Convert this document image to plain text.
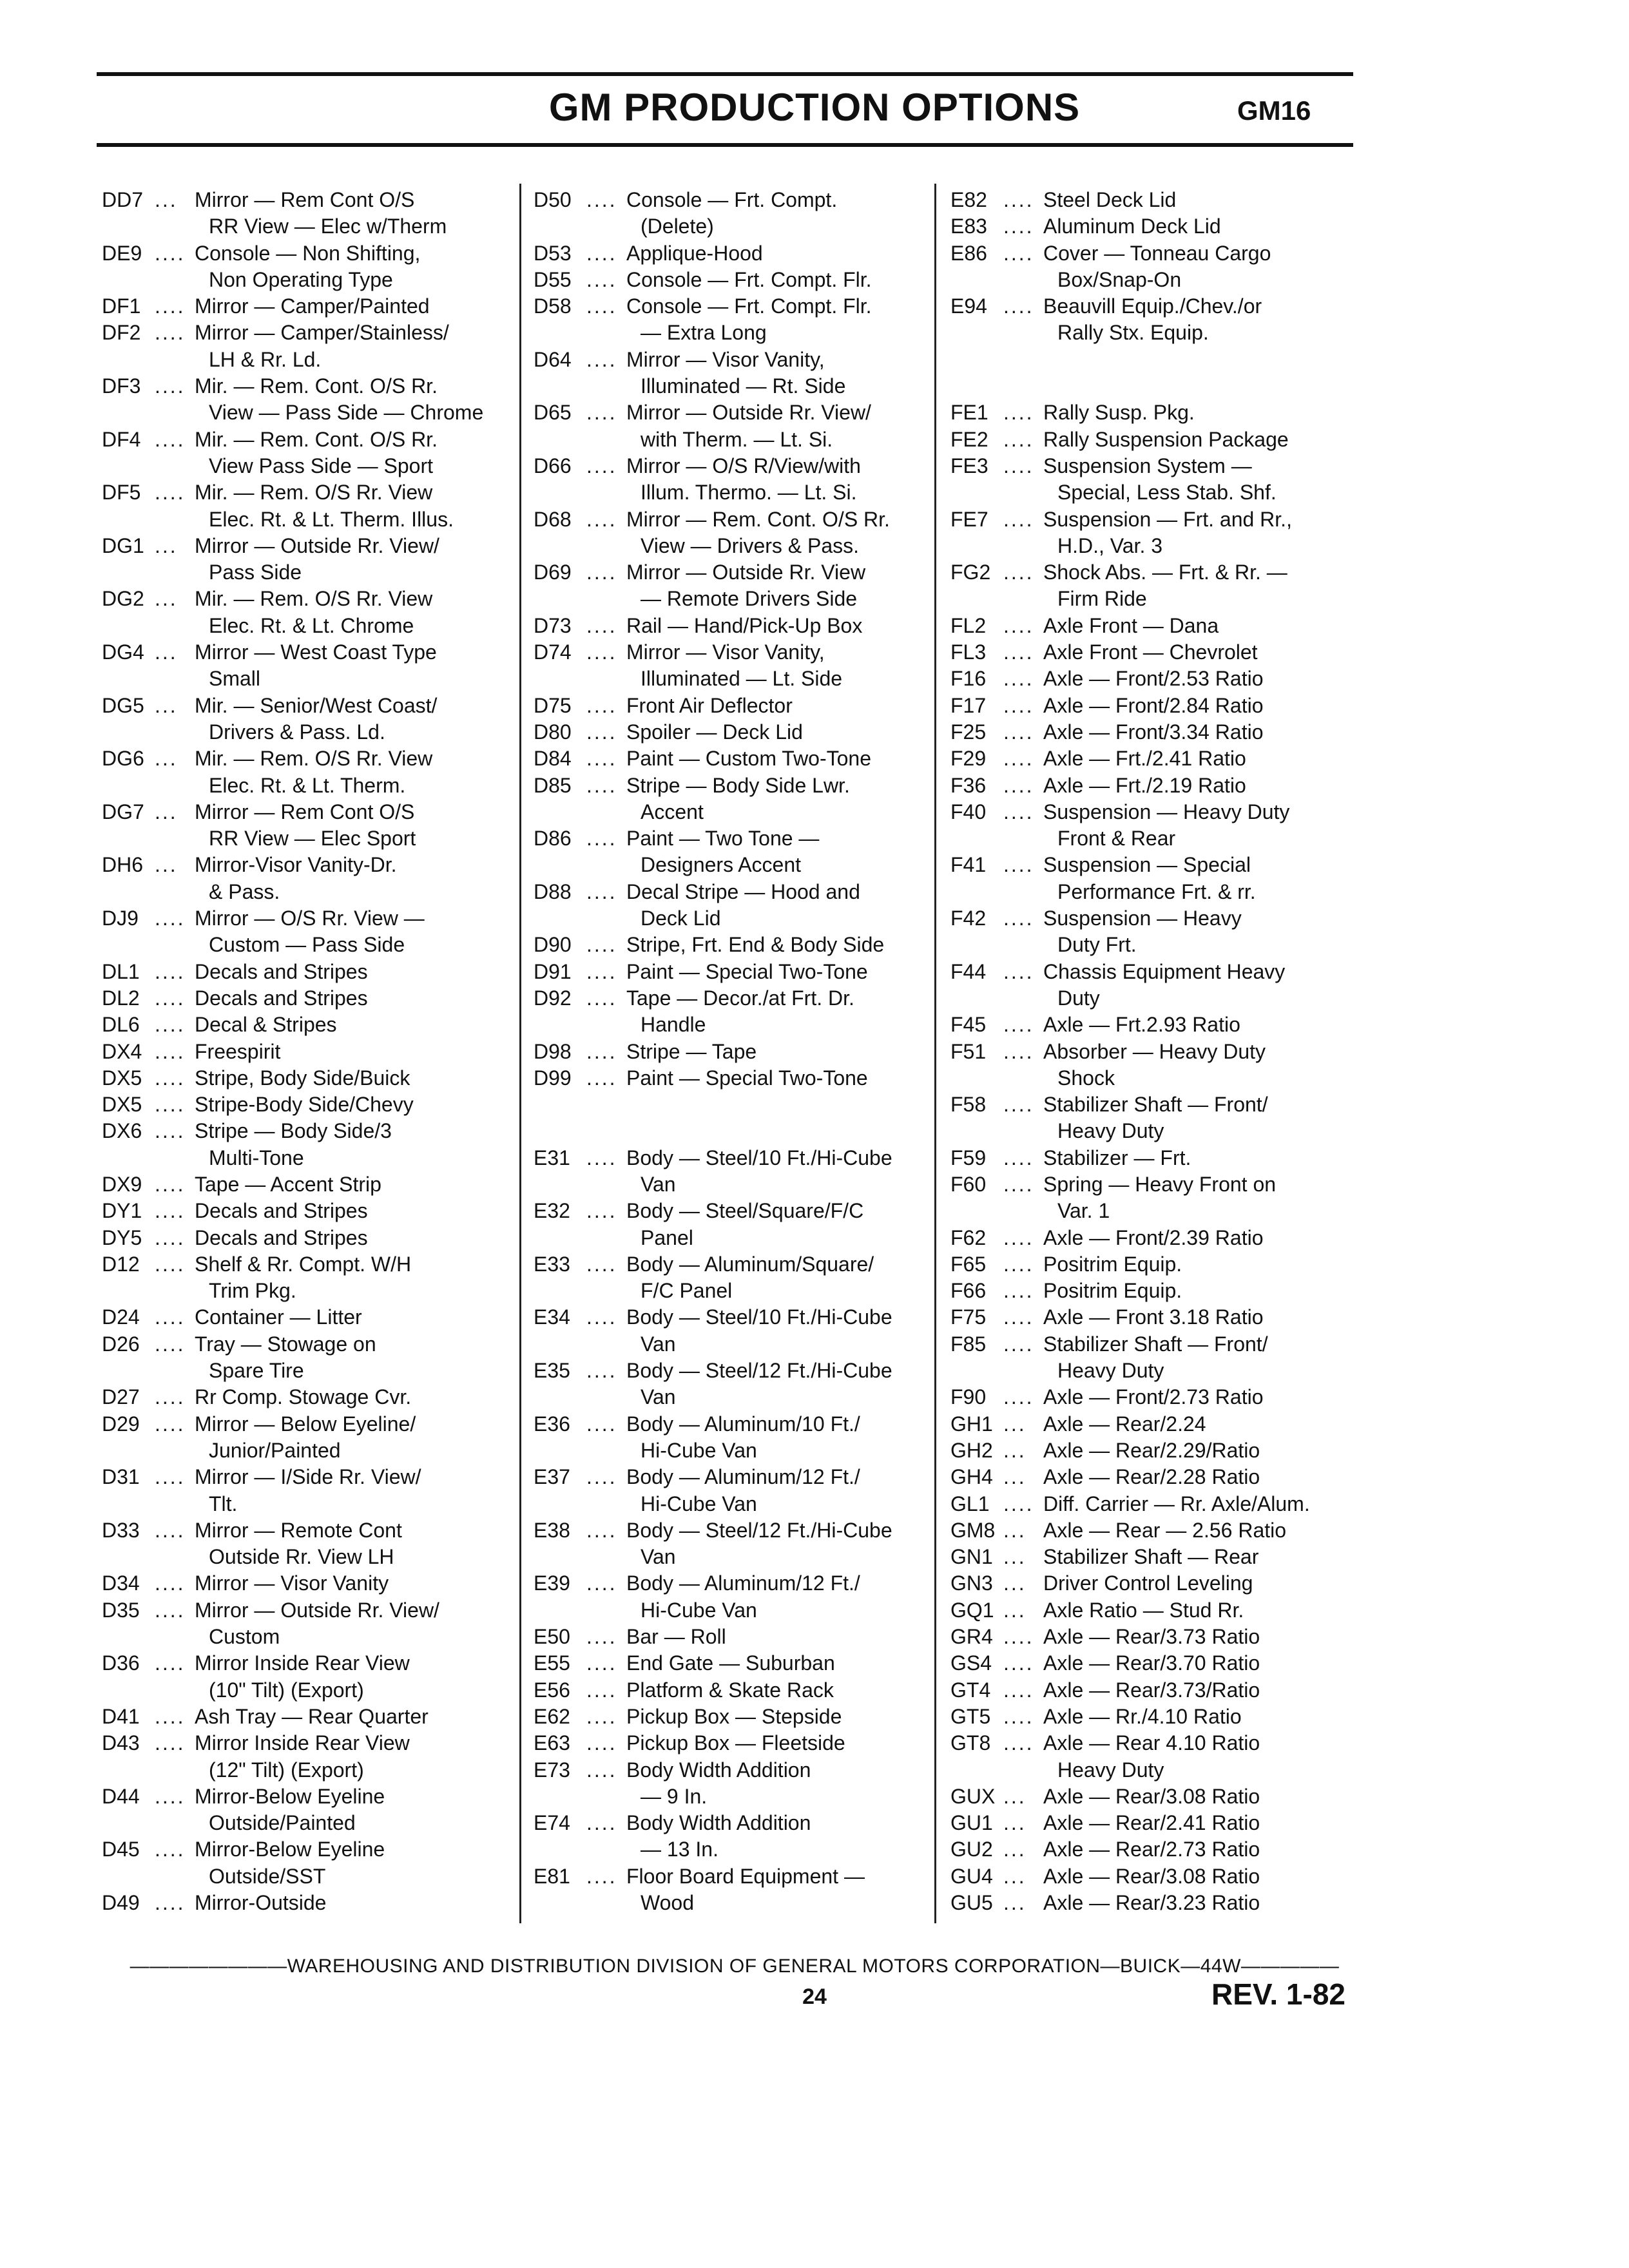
GM PRODUCTION OPTIONS	GM16
DD7 ... Mirror — Rem Cont O/S
RR View — Elec w/Therm
DE9 .... Console — Non Shifting,
Non Operating Type
DF1 .... Mirror — Camper/Painted
DF2 .... Mirror — Camper/Stainless/
LH & Rr. Ld.
DF3 .... Mir. — Rem. Cont. O/S Rr.
View — Pass Side — Chrome
DF4 .... Mir. — Rem. Cont. O/S Rr.
View Pass Side — Sport
DF5 .... Mir. — Rem. O/S Rr. View
Elec. Rt. & Lt. Therm. Illus.
DG1 ... Mirror — Outside Rr. View/
Pass Side
DG2 ... Mir. — Rem. O/S Rr. View
Elec. Rt. & Lt. Chrome
DG4 ... Mirror — West Coast Type
Small
DG5 ... Mir. — Senior/West Coast/
Drivers & Pass. Ld.
DG6 ... Mir. — Rem. O/S Rr. View
Elec. Rt. & Lt. Therm.
DG7 ... Mirror — Rem Cont O/S
RR View — Elec Sport
DH6 ... Mirror-Visor Vanity-Dr.
& Pass.
DJ9 .... Mirror — O/S Rr. View —
Custom — Pass Side
DL1 .... Decals and Stripes
DL2 .... Decals and Stripes
DL6 .... Decal & Stripes
DX4 .... Freespirit
DX5 .... Stripe, Body Side/Buick
DX5 .... Stripe-Body Side/Chevy
DX6 .... Stripe — Body Side/3
Multi-Tone
DX9 .... Tape — Accent Strip
DY1 .... Decals and Stripes
DY5 .... Decals and Stripes
D12 .... Shelf & Rr. Compt. W/H
Trim Pkg.
D24 .... Container — Litter
D26 .... Tray — Stowage on
Spare Tire
D27 .... Rr Comp. Stowage Cvr.
D29 .... Mirror — Below Eyeline/
Junior/Painted
D31 .... Mirror — I/Side Rr. View/
Tlt.
D33 .... Mirror — Remote Cont
Outside Rr. View LH
D34 .... Mirror — Visor Vanity
D35 .... Mirror — Outside Rr. View/
Custom
D36 .... Mirror Inside Rear View
(10" Tilt) (Export)
D41 .... Ash Tray — Rear Quarter
D43 .... Mirror Inside Rear View
(12" Tilt) (Export)
D44 .... Mirror-Below Eyeline
Outside/Painted
D45 .... Mirror-Below Eyeline
Outside/SST
D49 .... Mirror-Outside
D50 .... Console — Frt. Compt.
(Delete)
D53 .... Applique-Hood
D55 .... Console — Frt. Compt. Flr.
D58 .... Console — Frt. Compt. Flr.
— Extra Long
D64 .... Mirror — Visor Vanity,
Illuminated — Rt. Side
D65 .... Mirror — Outside Rr. View/
with Therm. — Lt. Si.
D66 .... Mirror — O/S R/View/with
Illum. Thermo. — Lt. Si.
D68 .... Mirror — Rem. Cont. O/S Rr.
View — Drivers & Pass.
D69 .... Mirror — Outside Rr. View
— Remote Drivers Side
D73 .... Rail — Hand/Pick-Up Box
D74 .... Mirror — Visor Vanity,
Illuminated — Lt. Side
D75 .... Front Air Deflector
D80 .... Spoiler — Deck Lid
D84 .... Paint — Custom Two-Tone
D85 .... Stripe — Body Side Lwr.
Accent
D86 .... Paint — Two Tone —
Designers Accent
D88 .... Decal Stripe — Hood and
Deck Lid
D90 .... Stripe, Frt. End & Body Side
D91 .... Paint — Special Two-Tone
D92 .... Tape — Decor./at Frt. Dr.
Handle
D98 .... Stripe — Tape
D99 .... Paint — Special Two-Tone
E31 .... Body — Steel/10 Ft./Hi-Cube
Van
E32 .... Body — Steel/Square/F/C
Panel
E33 .... Body — Aluminum/Square/
F/C Panel
E34 .... Body — Steel/10 Ft./Hi-Cube
Van
E35 .... Body — Steel/12 Ft./Hi-Cube
Van
E36 .... Body — Aluminum/10 Ft./
Hi-Cube Van
E37 .... Body — Aluminum/12 Ft./
Hi-Cube Van
E38 .... Body — Steel/12 Ft./Hi-Cube
Van
E39 .... Body — Aluminum/12 Ft./
Hi-Cube Van
E50 .... Bar — Roll
E55 .... End Gate — Suburban
E56 .... Platform & Skate Rack
E62 .... Pickup Box — Stepside
E63 .... Pickup Box — Fleetside
E73 .... Body Width Addition
— 9 In.
E74 .... Body Width Addition
— 13 In.
E81 .... Floor Board Equipment —
Wood
E82 .... Steel Deck Lid
E83 .... Aluminum Deck Lid
E86 .... Cover — Tonneau Cargo
Box/Snap-On
E94 .... Beauvill Equip./Chev./or
Rally Stx. Equip.
FE1 .... Rally Susp. Pkg.
FE2 .... Rally Suspension Package
FE3 .... Suspension System —
Special, Less Stab. Shf.
FE7 .... Suspension — Frt. and Rr.,
H.D., Var. 3
FG2 .... Shock Abs. — Frt. & Rr. —
Firm Ride
FL2 .... Axle Front — Dana
FL3 .... Axle Front — Chevrolet
F16 .... Axle — Front/2.53 Ratio
F17 .... Axle — Front/2.84 Ratio
F25 .... Axle — Front/3.34 Ratio
F29 .... Axle — Frt./2.41 Ratio
F36 .... Axle — Frt./2.19 Ratio
F40 .... Suspension — Heavy Duty
Front & Rear
F41 .... Suspension — Special
Performance Frt. & rr.
F42 .... Suspension — Heavy
Duty Frt.
F44 .... Chassis Equipment Heavy
Duty
F45 .... Axle — Frt.2.93 Ratio
F51 .... Absorber — Heavy Duty
Shock
F58 .... Stabilizer Shaft — Front/
Heavy Duty
F59 .... Stabilizer — Frt.
F60 .... Spring — Heavy Front on
Var. 1
F62 .... Axle — Front/2.39 Ratio
F65 .... Positrim Equip.
F66 .... Positrim Equip.
F75 .... Axle — Front 3.18 Ratio
F85 .... Stabilizer Shaft — Front/
Heavy Duty
F90 .... Axle — Front/2.73 Ratio
GH1 ... Axle — Rear/2.24
GH2 ... Axle — Rear/2.29/Ratio
GH4 ... Axle — Rear/2.28 Ratio
GL1 .... Diff. Carrier — Rr. Axle/Alum.
GM8 ... Axle — Rear — 2.56 Ratio
GN1 ... Stabilizer Shaft — Rear
GN3 ... Driver Control Leveling
GQ1 ... Axle Ratio — Stud Rr.
GR4 .... Axle — Rear/3.73 Ratio
GS4 .... Axle — Rear/3.70 Ratio
GT4 .... Axle — Rear/3.73/Ratio
GT5 .... Axle — Rr./4.10 Ratio
GT8 .... Axle — Rear 4.10 Ratio
Heavy Duty
GUX ... Axle — Rear/3.08 Ratio
GU1 ... Axle — Rear/2.41 Ratio
GU2 ... Axle — Rear/2.73 Ratio
GU4 ... Axle — Rear/3.08 Ratio
GU5 ... Axle — Rear/3.23 Ratio
————————WAREHOUSING AND DISTRIBUTION DIVISION OF GENERAL MOTORS CORPORATION—BUICK—44W—————
24	REV. 1-82
